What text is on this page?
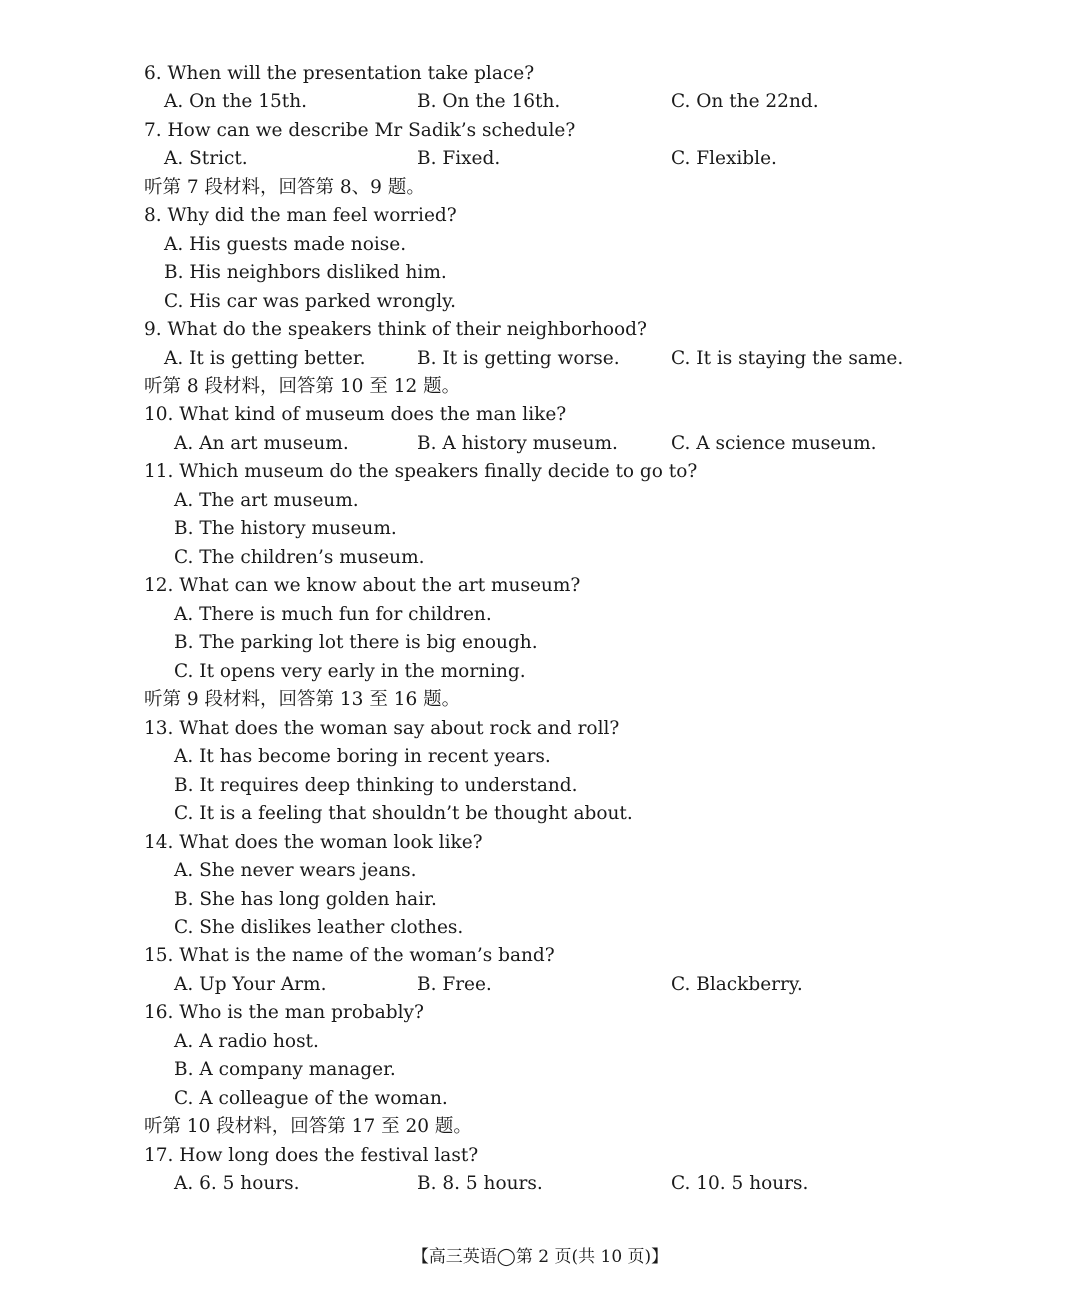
6. When will the presentation take place?
A. On the 15th.	B. On the 16th.	C. On the 22nd.
7. How can we describe Mr Sadik’s schedule?
A. Strict.	B. Fixed.	C. Flexible.
听第 7 段材料，回答第 8、9 题。
8. Why did the man feel worried?
A. His guests made noise.
B. His neighbors disliked him.
C. His car was parked wrongly.
9. What do the speakers think of their neighborhood?
A. It is getting better.	B. It is getting worse.	C. It is staying the same.
听第 8 段材料，回答第 10 至 12 题。
10. What kind of museum does the man like?
A. An art museum.	B. A history museum.	C. A science museum.
11. Which museum do the speakers finally decide to go to?
A. The art museum.
B. The history museum.
C. The children’s museum.
12. What can we know about the art museum?
A. There is much fun for children.
B. The parking lot there is big enough.
C. It opens very early in the morning.
听第 9 段材料，回答第 13 至 16 题。
13. What does the woman say about rock and roll?
A. It has become boring in recent years.
B. It requires deep thinking to understand.
C. It is a feeling that shouldn’t be thought about.
14. What does the woman look like?
A. She never wears jeans.
B. She has long golden hair.
C. She dislikes leather clothes.
15. What is the name of the woman’s band?
A. Up Your Arm.	B. Free.	C. Blackberry.
16. Who is the man probably?
A. A radio host.
B. A company manager.
C. A colleague of the woman.
听第 10 段材料，回答第 17 至 20 题。
17. How long does the festival last?
A. 6. 5 hours.	B. 8. 5 hours.	C. 10. 5 hours.
【高三英语◯第 2 页(共 10 页)】
